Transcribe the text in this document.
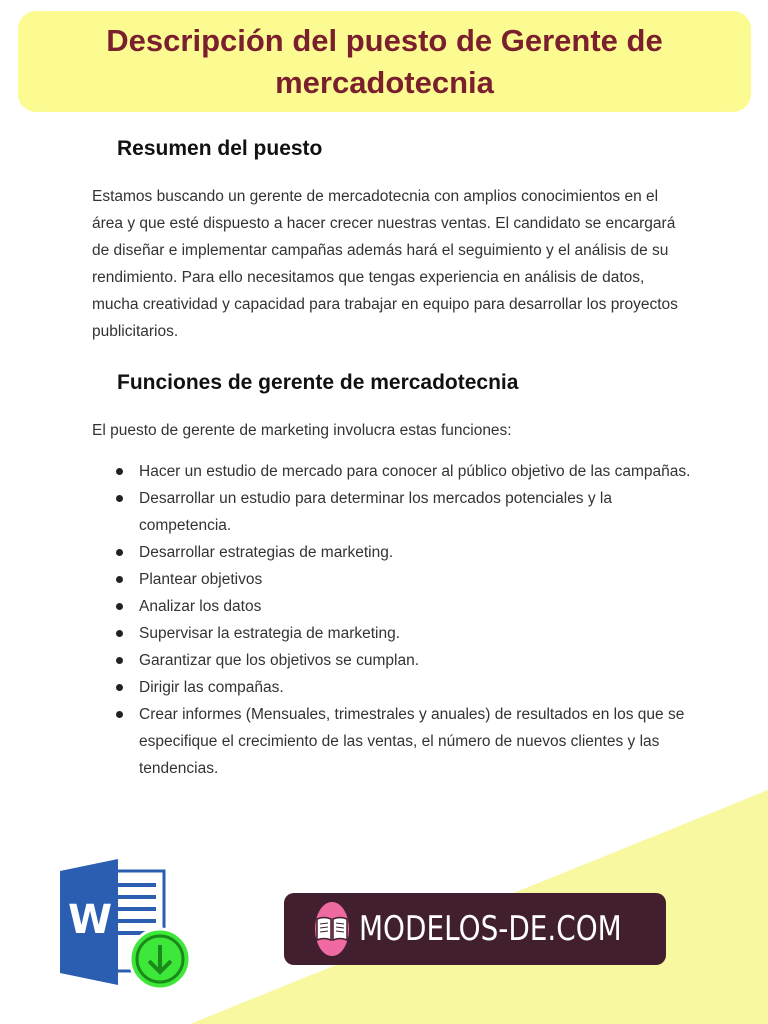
Descripción del puesto de Gerente de mercadotecnia
Resumen del puesto

Estamos buscando un gerente de mercadotecnia con amplios conocimientos en el área y que esté dispuesto a hacer crecer nuestras ventas. El candidato se encargará de diseñar e implementar campañas además hará el seguimiento y el análisis de su rendimiento. Para ello necesitamos que tengas experiencia en análisis de datos, mucha creatividad y capacidad para trabajar en equipo para desarrollar los proyectos publicitarios.

Funciones de gerente de mercadotecnia

El puesto de gerente de marketing involucra estas funciones:

Hacer un estudio de mercado para conocer al público objetivo de las campañas.
Desarrollar un estudio para determinar los mercados potenciales y la competencia.
Desarrollar estrategias de marketing.
Plantear objetivos
Analizar los datos
Supervisar la estrategia de marketing.
Garantizar que los objetivos se cumplan.
Dirigir las compañas.
Crear informes (Mensuales, trimestrales y anuales) de resultados en los que se especifique el crecimiento de las ventas, el número de nuevos clientes y las tendencias.
W	MODELOS-DE.COM
